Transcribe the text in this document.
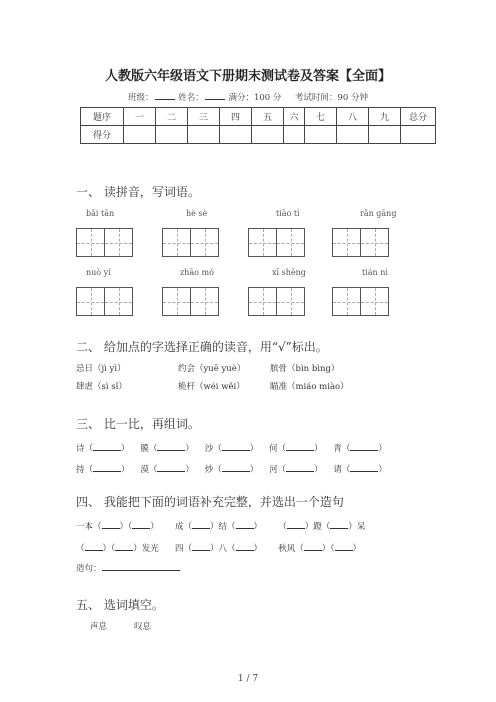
人教版六年级语文下册期末测试卷及答案【全面】
班级：	姓名：	满分：100 分 考试时间：90 分钟
题序	一	二	三	四	五	六	七	八	九	总分
得分										
一、 读拼音，写词语。
bǎi tān	hè sè	tiāo tì	rǎn gāng
nuò yí	zhāo mó	xī shēng	tián nì
二、 给加点的字选择正确的读音，用“√”标出。
忌日（jì yì）	约会（yuē yuè）	膑骨（bìn bìng）
肆虐（sì sǐ）	桅杆（wéi wěi）	瞄准（miáo miào）
三、 比一比，再组词。
诗（	）    膜（	）    沙（	）    何（	）    青（	）
持（	）    漠（	）    炒（	）    河（	）    请（	）
四、 我能把下面的词语补充完整，并选出一个造句
一本（ ）（ ） 成（ ）结（ ） （ ）蹬（ ）呆
（ ）（ ）发光 四（ ）八（ ） 秋风（ ）（ ）
造句：
五、 选词填空。
声息	叹息
1 / 7
